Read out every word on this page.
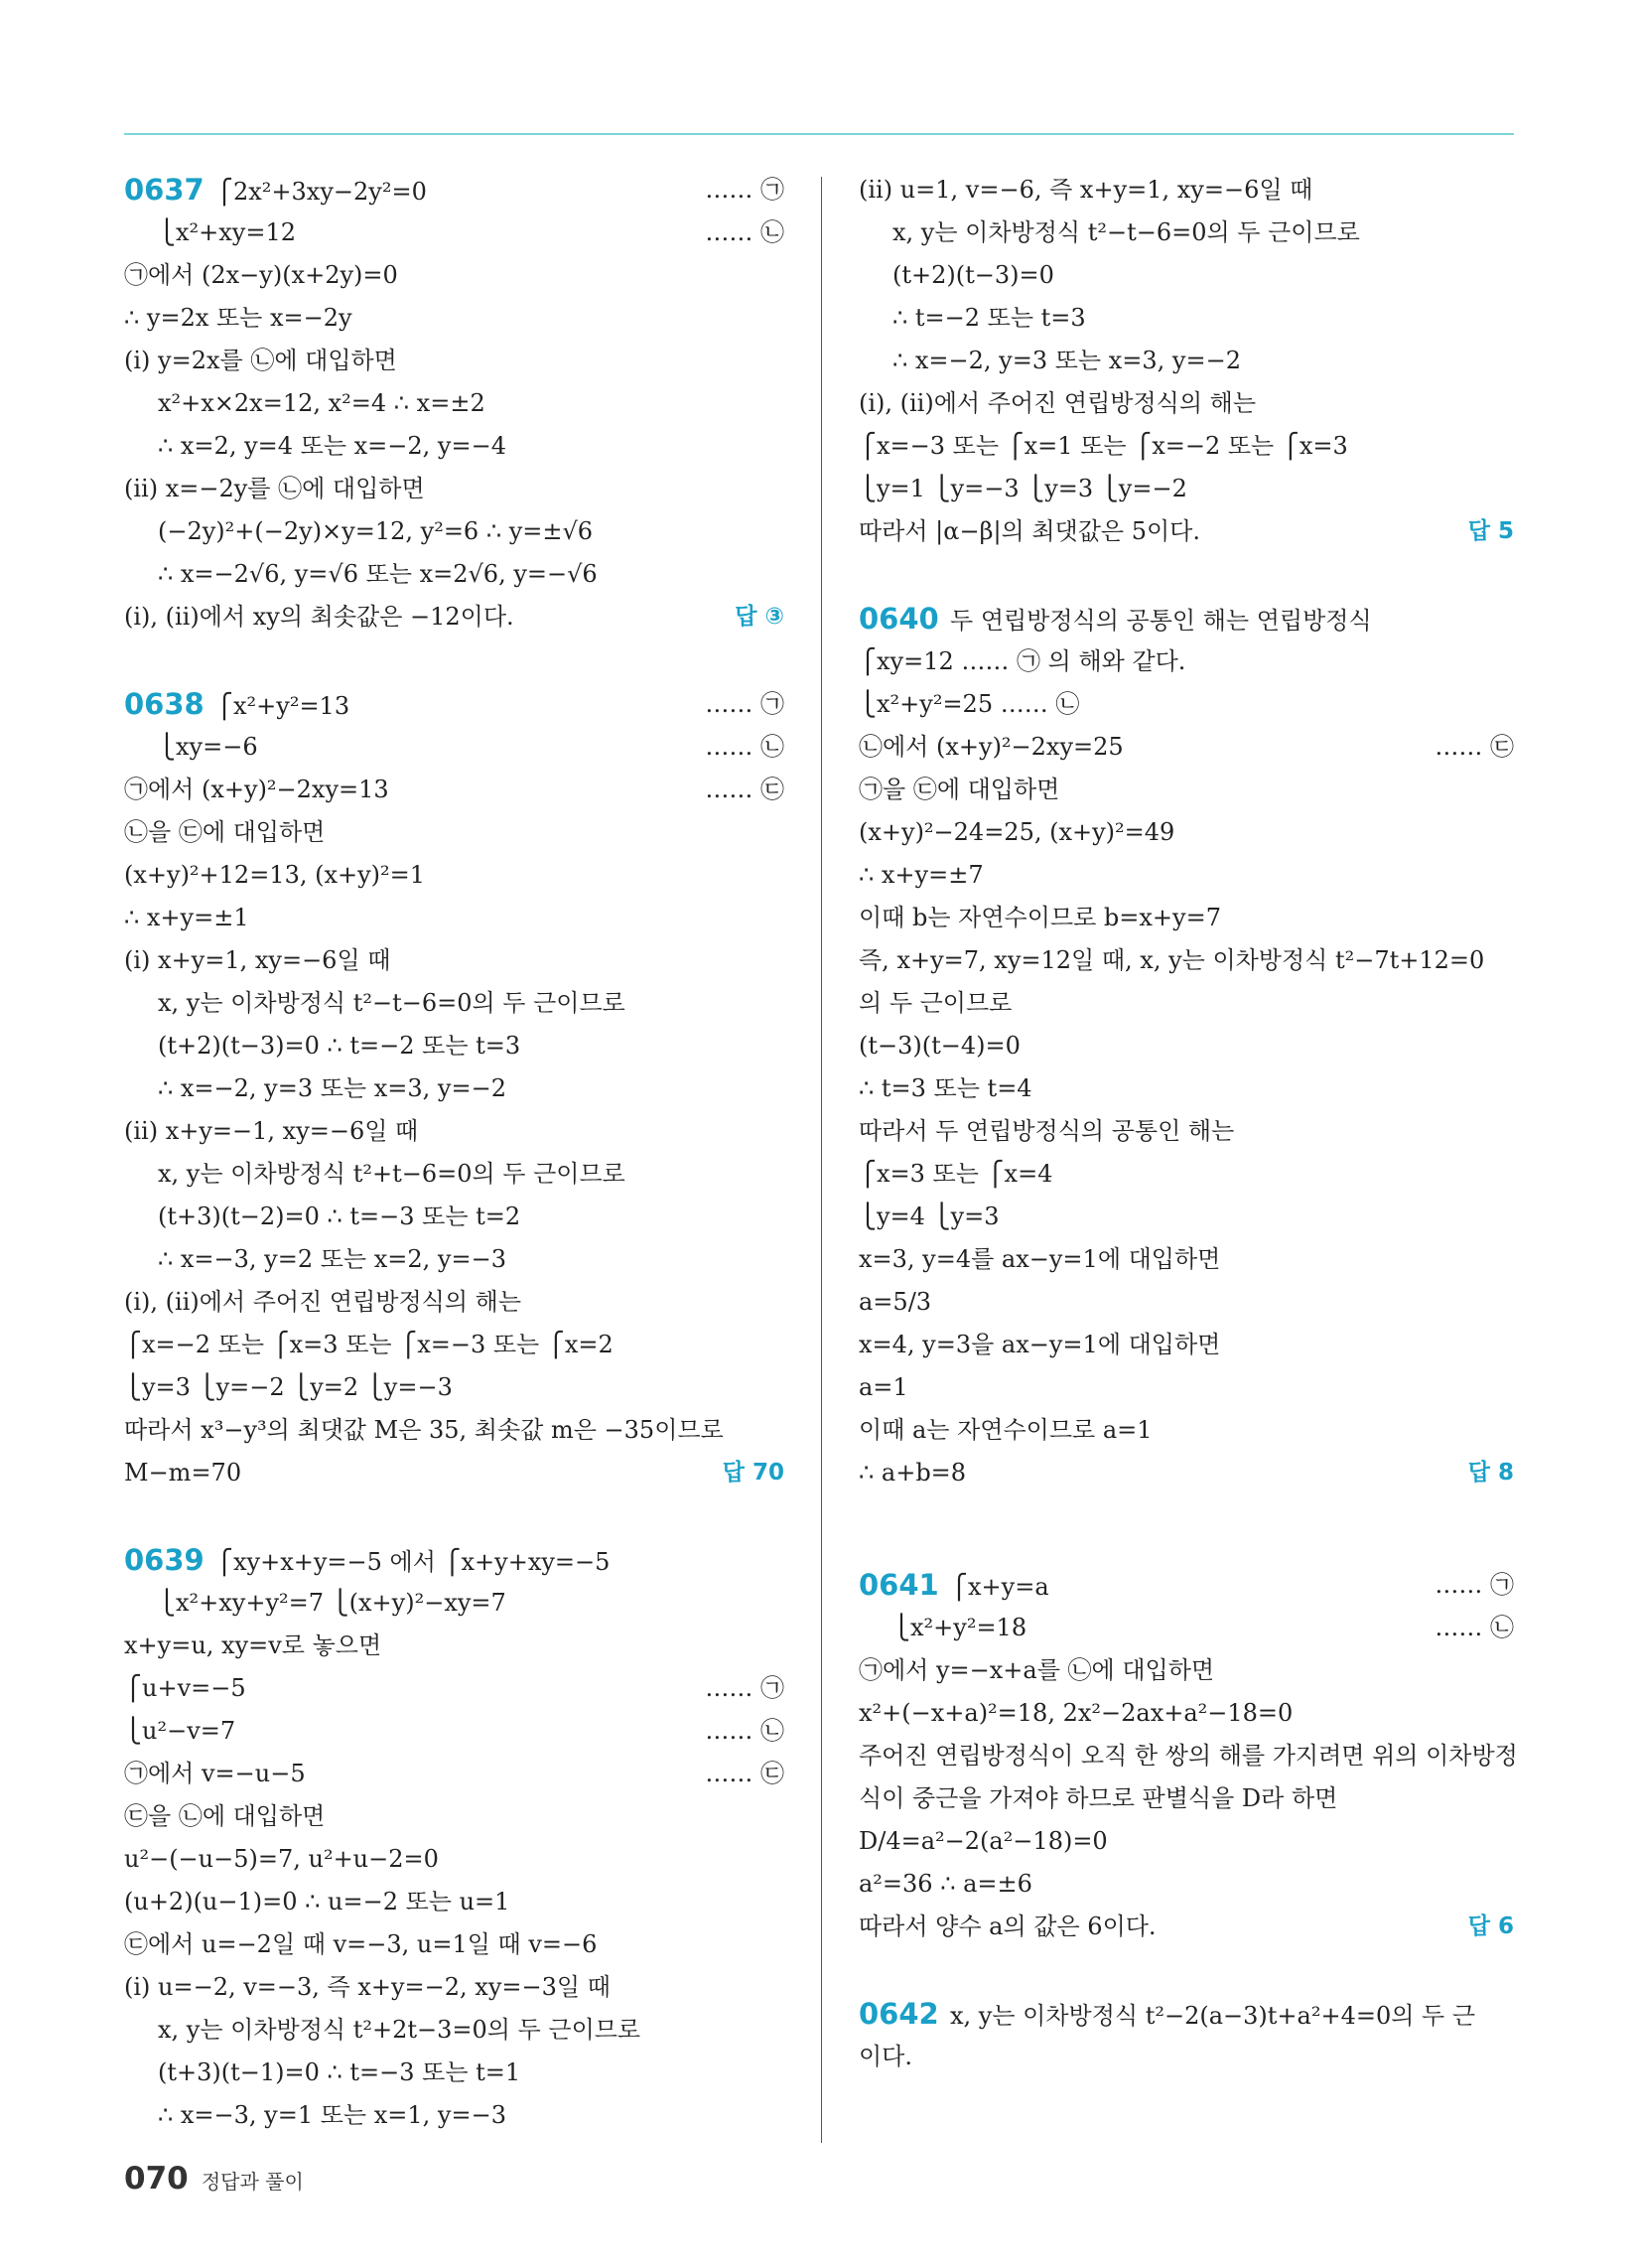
0637 ⎧2x²+3xy−2y²=0	…… ㉠
⎩x²+xy=12	…… ㉡
㉠에서 (2x−y)(x+2y)=0
∴ y=2x 또는 x=−2y
(ⅰ) y=2x를 ㉡에 대입하면
x²+x×2x=12, x²=4 ∴ x=±2
∴ x=2, y=4 또는 x=−2, y=−4
(ⅱ) x=−2y를 ㉡에 대입하면
(−2y)²+(−2y)×y=12, y²=6 ∴ y=±√6
∴ x=−2√6, y=√6 또는 x=2√6, y=−√6
(ⅰ), (ⅱ)에서 xy의 최솟값은 −12이다.	답 ③
0638 ⎧x²+y²=13	…… ㉠
⎩xy=−6	…… ㉡
㉠에서 (x+y)²−2xy=13	…… ㉢
㉡을 ㉢에 대입하면
(x+y)²+12=13, (x+y)²=1
∴ x+y=±1
(ⅰ) x+y=1, xy=−6일 때
x, y는 이차방정식 t²−t−6=0의 두 근이므로
(t+2)(t−3)=0 ∴ t=−2 또는 t=3
∴ x=−2, y=3 또는 x=3, y=−2
(ⅱ) x+y=−1, xy=−6일 때
x, y는 이차방정식 t²+t−6=0의 두 근이므로
(t+3)(t−2)=0 ∴ t=−3 또는 t=2
∴ x=−3, y=2 또는 x=2, y=−3
(ⅰ), (ⅱ)에서 주어진 연립방정식의 해는
⎧x=−2 또는 ⎧x=3 또는 ⎧x=−3 또는 ⎧x=2
⎩y=3 ⎩y=−2 ⎩y=2 ⎩y=−3
따라서 x³−y³의 최댓값 M은 35, 최솟값 m은 −35이므로
M−m=70	답 70
0639 ⎧xy+x+y=−5 에서 ⎧x+y+xy=−5
⎩x²+xy+y²=7 ⎩(x+y)²−xy=7
x+y=u, xy=v로 놓으면
⎧u+v=−5	…… ㉠
⎩u²−v=7	…… ㉡
㉠에서 v=−u−5	…… ㉢
㉢을 ㉡에 대입하면
u²−(−u−5)=7, u²+u−2=0
(u+2)(u−1)=0 ∴ u=−2 또는 u=1
㉢에서 u=−2일 때 v=−3, u=1일 때 v=−6
(ⅰ) u=−2, v=−3, 즉 x+y=−2, xy=−3일 때
x, y는 이차방정식 t²+2t−3=0의 두 근이므로
(t+3)(t−1)=0 ∴ t=−3 또는 t=1
∴ x=−3, y=1 또는 x=1, y=−3
(ⅱ) u=1, v=−6, 즉 x+y=1, xy=−6일 때
x, y는 이차방정식 t²−t−6=0의 두 근이므로
(t+2)(t−3)=0
∴ t=−2 또는 t=3
∴ x=−2, y=3 또는 x=3, y=−2
(ⅰ), (ⅱ)에서 주어진 연립방정식의 해는
⎧x=−3 또는 ⎧x=1 또는 ⎧x=−2 또는 ⎧x=3
⎩y=1 ⎩y=−3 ⎩y=3 ⎩y=−2
따라서 |α−β|의 최댓값은 5이다.	답 5
0640 두 연립방정식의 공통인 해는 연립방정식
⎧xy=12 …… ㉠ 의 해와 같다.
⎩x²+y²=25 …… ㉡
㉡에서 (x+y)²−2xy=25	…… ㉢
㉠을 ㉢에 대입하면
(x+y)²−24=25, (x+y)²=49
∴ x+y=±7
이때 b는 자연수이므로 b=x+y=7
즉, x+y=7, xy=12일 때, x, y는 이차방정식 t²−7t+12=0
의 두 근이므로
(t−3)(t−4)=0
∴ t=3 또는 t=4
따라서 두 연립방정식의 공통인 해는
⎧x=3 또는 ⎧x=4
⎩y=4 ⎩y=3
x=3, y=4를 ax−y=1에 대입하면
a=5/3
x=4, y=3을 ax−y=1에 대입하면
a=1
이때 a는 자연수이므로 a=1
∴ a+b=8	답 8
0641 ⎧x+y=a	…… ㉠
⎩x²+y²=18	…… ㉡
㉠에서 y=−x+a를 ㉡에 대입하면
x²+(−x+a)²=18, 2x²−2ax+a²−18=0
주어진 연립방정식이 오직 한 쌍의 해를 가지려면 위의 이차방정
식이 중근을 가져야 하므로 판별식을 D라 하면
D/4=a²−2(a²−18)=0
a²=36 ∴ a=±6
따라서 양수 a의 값은 6이다.	답 6
0642 x, y는 이차방정식 t²−2(a−3)t+a²+4=0의 두 근
이다.
070 정답과 풀이
